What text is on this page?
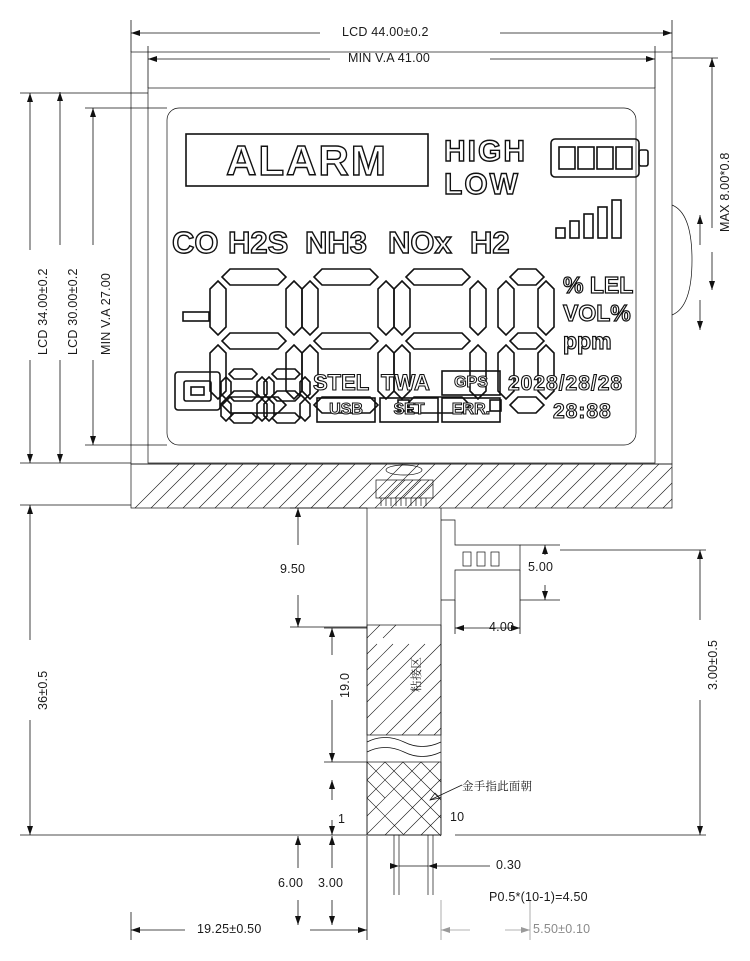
ALARM	HIGH
LOW
CO H2S NH3 NOx H2
% LEL
VOL%
ppm
GPS
STEL TWA
USB	SET	ERR.
2028/28/28
28:88
LCD 44.00±0.2
MIN V.A 41.00
MAX 8.00*0.8
LCD 34.00±0.2 LCD 30.00±0.2 MIN V.A 27.00
36±0.5
9.50
19.0
5.00
4.00
3.00±0.5
1	10
6.00 3.00
0.30
P0.5*(10-1)=4.50
19.25±0.50	5.50±0.10
粘接区
金手指此面朝
